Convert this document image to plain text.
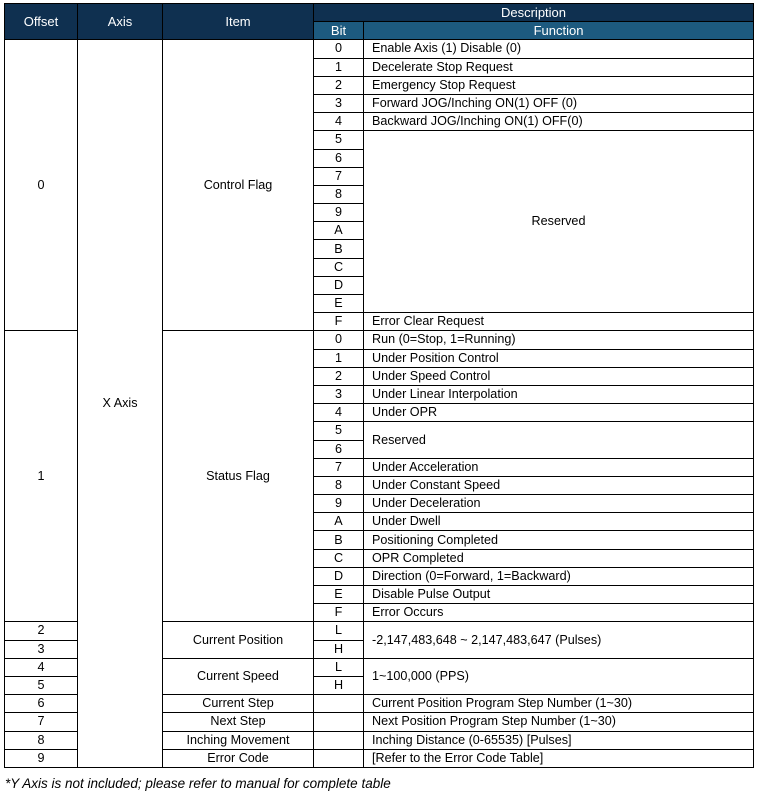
Offset	Axis	Item	Description	
			Bit	Function
0	X Axis	Control Flag	0	Enable Axis (1) Disable (0)
			1	Decelerate Stop Request
			2	Emergency Stop Request
			3	Forward JOG/Inching ON(1) OFF (0)
			4	Backward JOG/Inching ON(1) OFF(0)
			5	Reserved
			6	
			7	
			8	
			9	
			A	
			B	
			C	
			D	
			E	
			F	Error Clear Request
1		Status Flag	0	Run (0=Stop, 1=Running)
			1	Under Position Control
			2	Under Speed Control
			3	Under Linear Interpolation
			4	Under OPR
			5	Reserved
			6	
			7	Under Acceleration
			8	Under Constant Speed
			9	Under Deceleration
			A	Under Dwell
			B	Positioning Completed
			C	OPR Completed
			D	Direction (0=Forward, 1=Backward)
			E	Disable Pulse Output
			F	Error Occurs
2		Current Position	L	-2,147,483,648 ~ 2,147,483,647 (Pulses)
3			H	
4		Current Speed	L	1~100,000 (PPS)
5			H	
6		Current Step		Current Position Program Step Number (1~30)
7		Next Step		Next Position Program Step Number (1~30)
8		Inching Movement		Inching Distance (0-65535) [Pulses]
9		Error Code		[Refer to the Error Code Table]
*Y Axis is not included; please refer to manual for complete table
